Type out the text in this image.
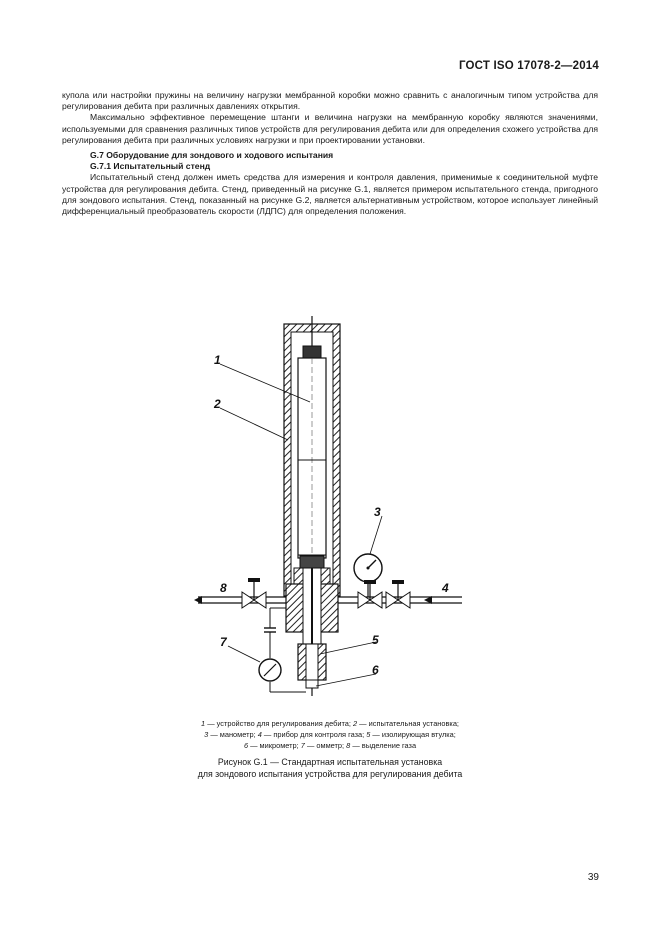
ГОСТ ISO 17078-2—2014

купола или настройки пружины на величину нагрузки мембранной коробки можно сравнить с аналогичным типом устройства для регулирования дебита при различных давлениях открытия.

Максимально эффективное перемещение штанги и величина нагрузки на мембранную коробку являются значениями, используемыми для сравнения различных типов устройств для регулирования дебита или для определения схожего устройства для регулирования дебита при различных условиях нагрузки и при проектировании установки.

G.7 Оборудование для зондового и ходового испытания
G.7.1 Испытательный стенд

Испытательный стенд должен иметь средства для измерения и контроля давления, применимые к соединительной муфте устройства для регулирования дебита. Стенд, приведенный на рисунке G.1, является примером испытательного стенда, пригодного для зондового испытания. Стенд, показанный на рисунке G.2, является альтернативным устройством, которое использует линейный дифференциальный преобразователь скорости (ЛДПС) для определения положения.

1
2
3
4
5
6
7
8
1 — устройство для регулирования дебита; 2 — испытательная установка;
3 — манометр; 4 — прибор для контроля газа; 5 — изолирующая втулка;
6 — микрометр; 7 — омметр; 8 — выделение газа
Рисунок G.1 — Стандартная испытательная установка
для зондового испытания устройства для регулирования дебита
39
